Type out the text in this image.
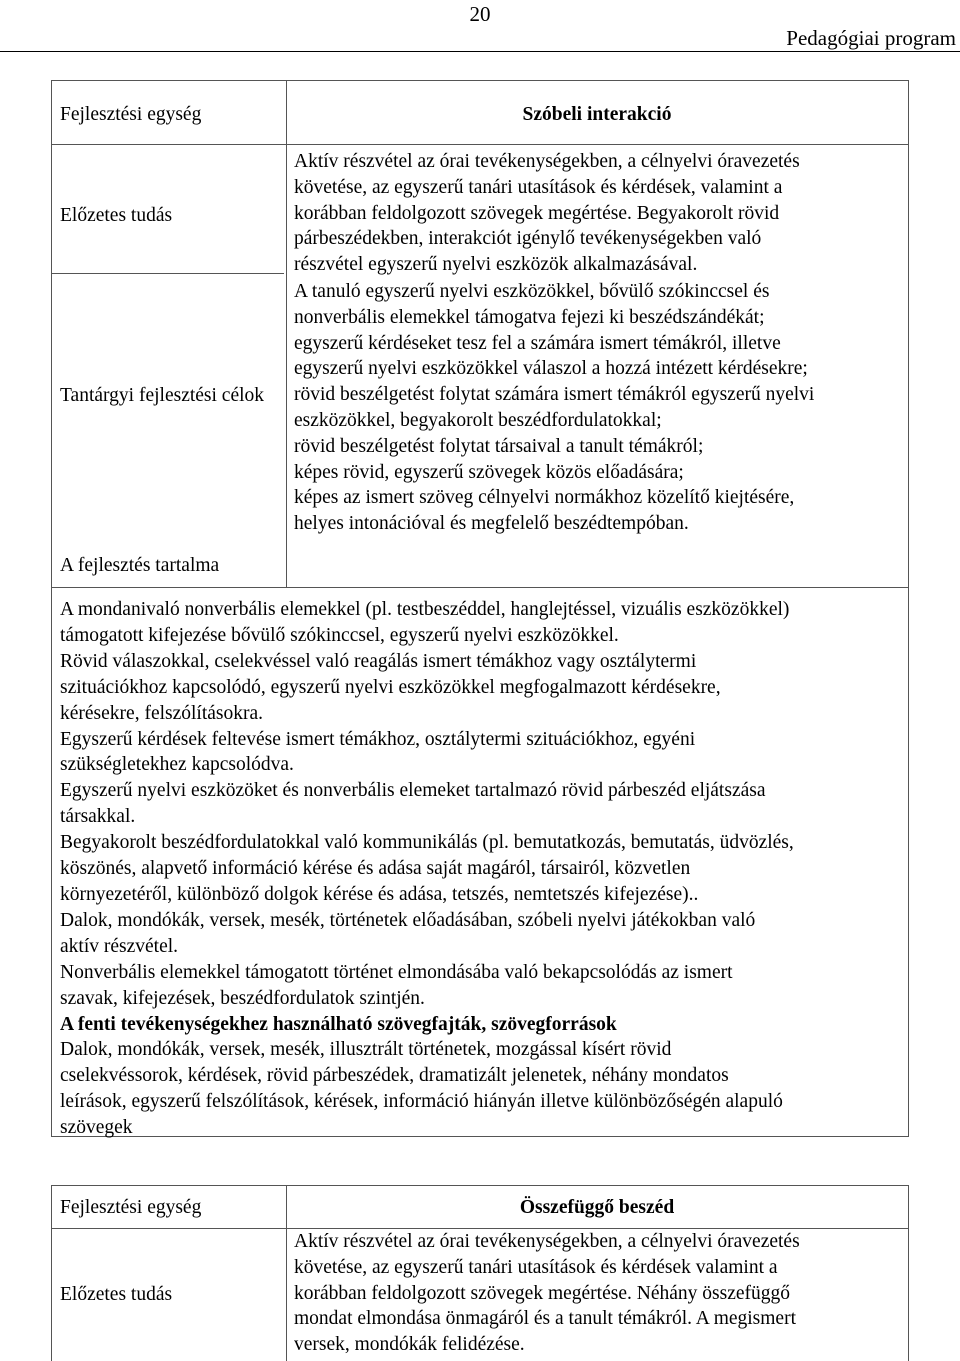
20
Pedagógiai program
Fejlesztési egység	Szóbeli interakció
Előzetes tudás

Aktív részvétel az órai tevékenységekben, a célnyelvi óravezetés

követése, az egyszerű tanári utasítások és kérdések, valamint a

korábban feldolgozott szövegek megértése. Begyakorolt rövid

párbeszédekben, interakciót igénylő tevékenységekben való

részvétel egyszerű nyelvi eszközök alkalmazásával.

Tantárgyi fejlesztési célok

A tanuló egyszerű nyelvi eszközökkel, bővülő szókinccsel és

nonverbális elemekkel támogatva fejezi ki beszédszándékát;

egyszerű kérdéseket tesz fel a számára ismert témákról, illetve

egyszerű nyelvi eszközökkel válaszol a hozzá intézett kérdésekre;

rövid beszélgetést folytat számára ismert témákról egyszerű nyelvi

eszközökkel, begyakorolt beszédfordulatokkal;

rövid beszélgetést folytat társaival a tanult témákról;

képes rövid, egyszerű szövegek közös előadására;

képes az ismert szöveg célnyelvi normákhoz közelítő kiejtésére,

helyes intonációval és megfelelő beszédtempóban.

A fejlesztés tartalma

A mondanivaló nonverbális elemekkel (pl. testbeszéddel, hanglejtéssel, vizuális eszközökkel)

támogatott kifejezése bővülő szókinccsel, egyszerű nyelvi eszközökkel.

Rövid válaszokkal, cselekvéssel való reagálás ismert témákhoz vagy osztálytermi

szituációkhoz kapcsolódó, egyszerű nyelvi eszközökkel megfogalmazott kérdésekre,

kérésekre, felszólításokra.

Egyszerű kérdések feltevése ismert témákhoz, osztálytermi szituációkhoz, egyéni

szükségletekhez kapcsolódva.

Egyszerű nyelvi eszközöket és nonverbális elemeket tartalmazó rövid párbeszéd eljátszása

társakkal.

Begyakorolt beszédfordulatokkal való kommunikálás (pl. bemutatkozás, bemutatás, üdvözlés,

köszönés, alapvető információ kérése és adása saját magáról, társairól, közvetlen

környezetéről, különböző dolgok kérése és adása, tetszés, nemtetszés kifejezése)..

Dalok, mondókák, versek, mesék, történetek előadásában, szóbeli nyelvi játékokban való

aktív részvétel.

Nonverbális elemekkel támogatott történet elmondásába való bekapcsolódás az ismert

szavak, kifejezések, beszédfordulatok szintjén.

A fenti tevékenységekhez használható szövegfajták, szövegforrások

Dalok, mondókák, versek, mesék, illusztrált történetek, mozgással kísért rövid

cselekvéssorok, kérdések, rövid párbeszédek, dramatizált jelenetek, néhány mondatos

leírások, egyszerű felszólítások, kérések, információ hiányán illetve különbözőségén alapuló

szövegek

Fejlesztési egység	Összefüggő beszéd
Előzetes tudás

Aktív részvétel az órai tevékenységekben, a célnyelvi óravezetés

követése, az egyszerű tanári utasítások és kérdések valamint a

korábban feldolgozott szövegek megértése. Néhány összefüggő

mondat elmondása önmagáról és a tanult témákról. A megismert

versek, mondókák felidézése.
